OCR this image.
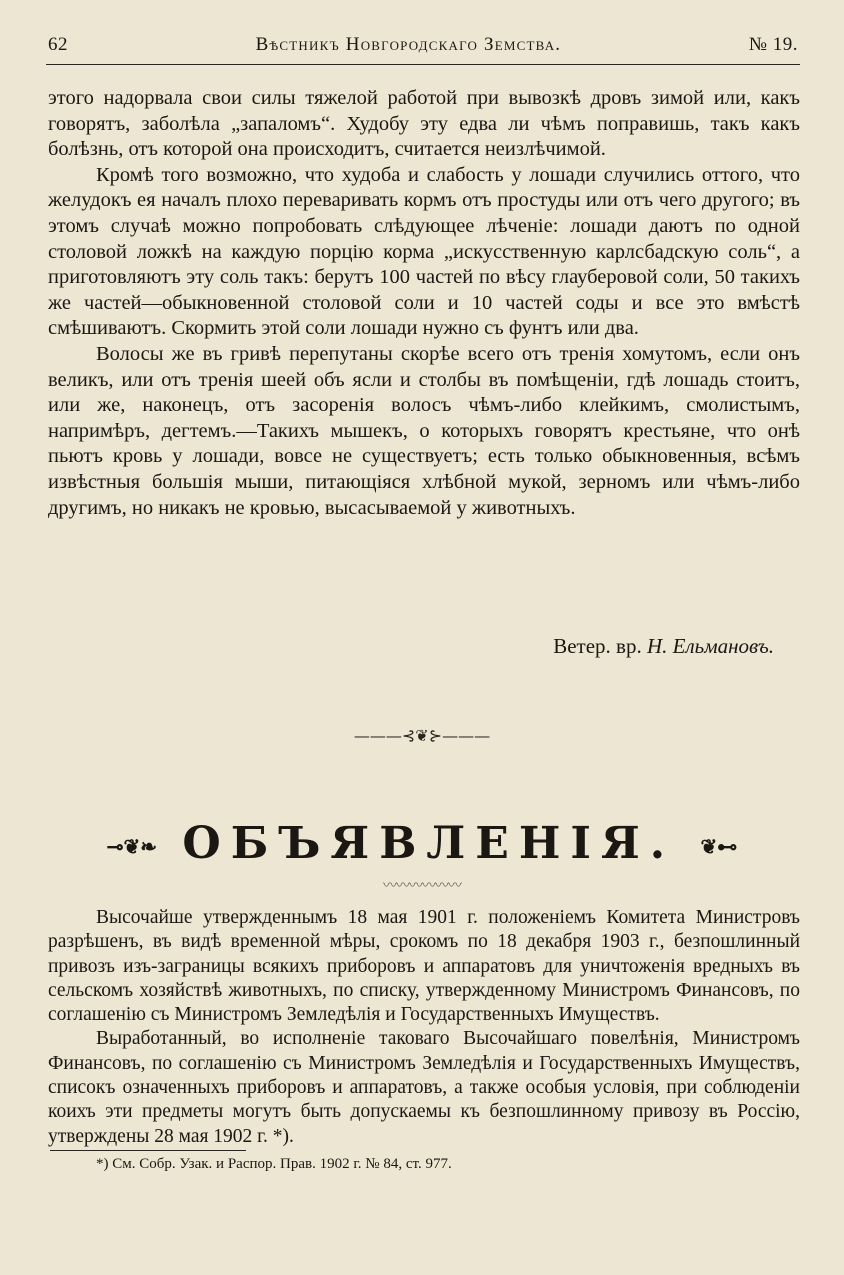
62	Вѣстникъ Новгородскаго Земства.	№ 19.

этого надорвала свои силы тяжелой работой при вывозкѣ дровъ зимой или, какъ говорятъ, заболѣла „запаломъ“. Худобу эту едва ли чѣмъ поправишь, такъ какъ болѣзнь, отъ которой она происходитъ, считается неизлѣчимой.

Кромѣ того возможно, что худоба и слабость у лошади случились оттого, что желудокъ ея началъ плохо переваривать кормъ отъ простуды или отъ чего другого; въ этомъ случаѣ можно попробовать слѣдующее лѣченіе: лошади даютъ по одной столовой ложкѣ на каждую порцію корма „искусственную карлсбадскую соль“, а приготовляютъ эту соль такъ: берутъ 100 частей по вѣсу глауберовой соли, 50 такихъ же частей—обыкновенной столовой соли и 10 частей соды и все это вмѣстѣ смѣшиваютъ. Скормить этой соли лошади нужно съ фунтъ или два.

Волосы же въ гривѣ перепутаны скорѣе всего отъ тренія хомутомъ, если онъ великъ, или отъ тренія шеей объ ясли и столбы въ помѣщеніи, гдѣ лошадь стоитъ, или же, наконецъ, отъ засоренія волосъ чѣмъ-либо клейкимъ, смолистымъ, напримѣръ, дегтемъ.—Такихъ мышекъ, о которыхъ говорятъ крестьяне, что онѣ пьютъ кровь у лошади, вовсе не существуетъ; есть только обыкновенныя, всѣмъ извѣстныя большія мыши, питающіяся хлѣбной мукой, зерномъ или чѣмъ-либо другимъ, но никакъ не кровью, высасываемой у животныхъ.

Ветер. вр. Н. Ельмановъ.
———⊰❦⊱———
⊸❦❧ ОБЪЯВЛЕНІЯ. ❦⊷
〰〰〰〰〰〰

Высочайше утвержденнымъ 18 мая 1901 г. положеніемъ Комитета Министровъ разрѣшенъ, въ видѣ временной мѣры, срокомъ по 18 декабря 1903 г., безпошлинный привозъ изъ-заграницы всякихъ приборовъ и аппаратовъ для уничтоженія вредныхъ въ сельскомъ хозяйствѣ животныхъ, по списку, утвержденному Министромъ Финансовъ, по соглашенію съ Министромъ Земледѣлія и Государственныхъ Имуществъ.

Выработанный, во исполненіе таковаго Высочайшаго повелѣнія, Министромъ Финансовъ, по соглашенію съ Министромъ Земледѣлія и Государственныхъ Имуществъ, списокъ означенныхъ приборовъ и аппаратовъ, а также особыя условія, при соблюденіи коихъ эти предметы могутъ быть допускаемы къ безпошлинному привозу въ Россію, утверждены 28 мая 1902 г. *).

*) См. Собр. Узак. и Распор. Прав. 1902 г. № 84, ст. 977.
